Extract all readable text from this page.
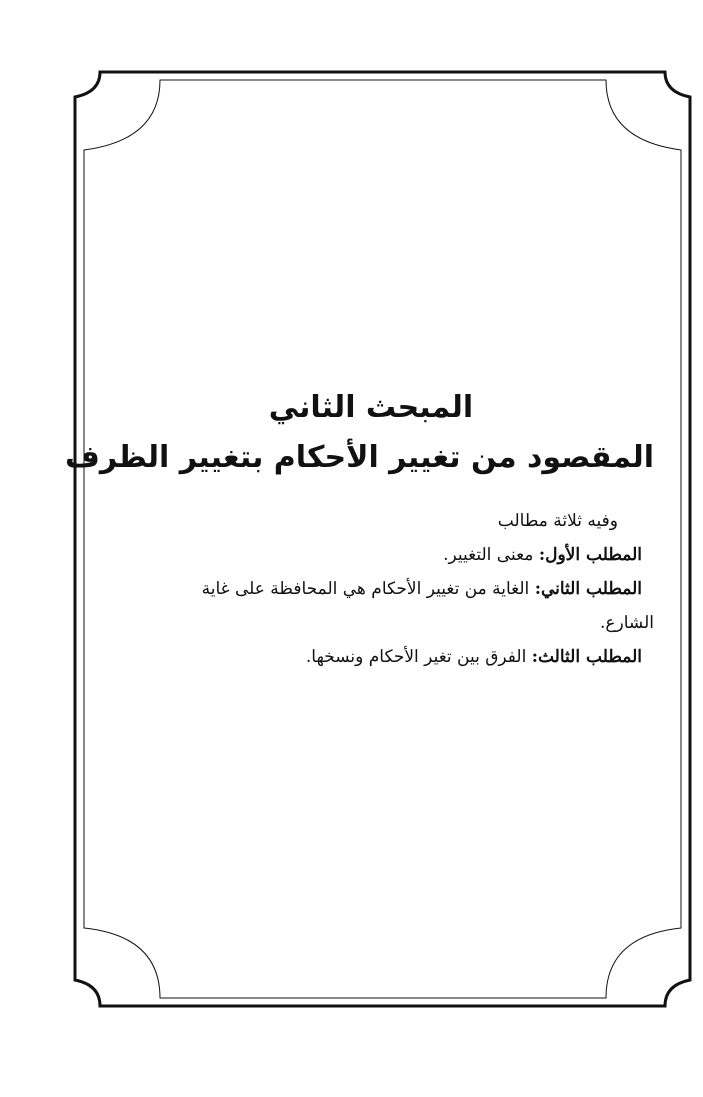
المبحث الثاني
المقصود من تغيير الأحكام بتغيير الظرف
وفيه ثلاثة مطالب
المطلب الأول: معنى التغيير.
المطلب الثاني: الغاية من تغيير الأحكام هي المحافظة على غاية
الشارع.
المطلب الثالث: الفرق بين تغير الأحكام ونسخها.
